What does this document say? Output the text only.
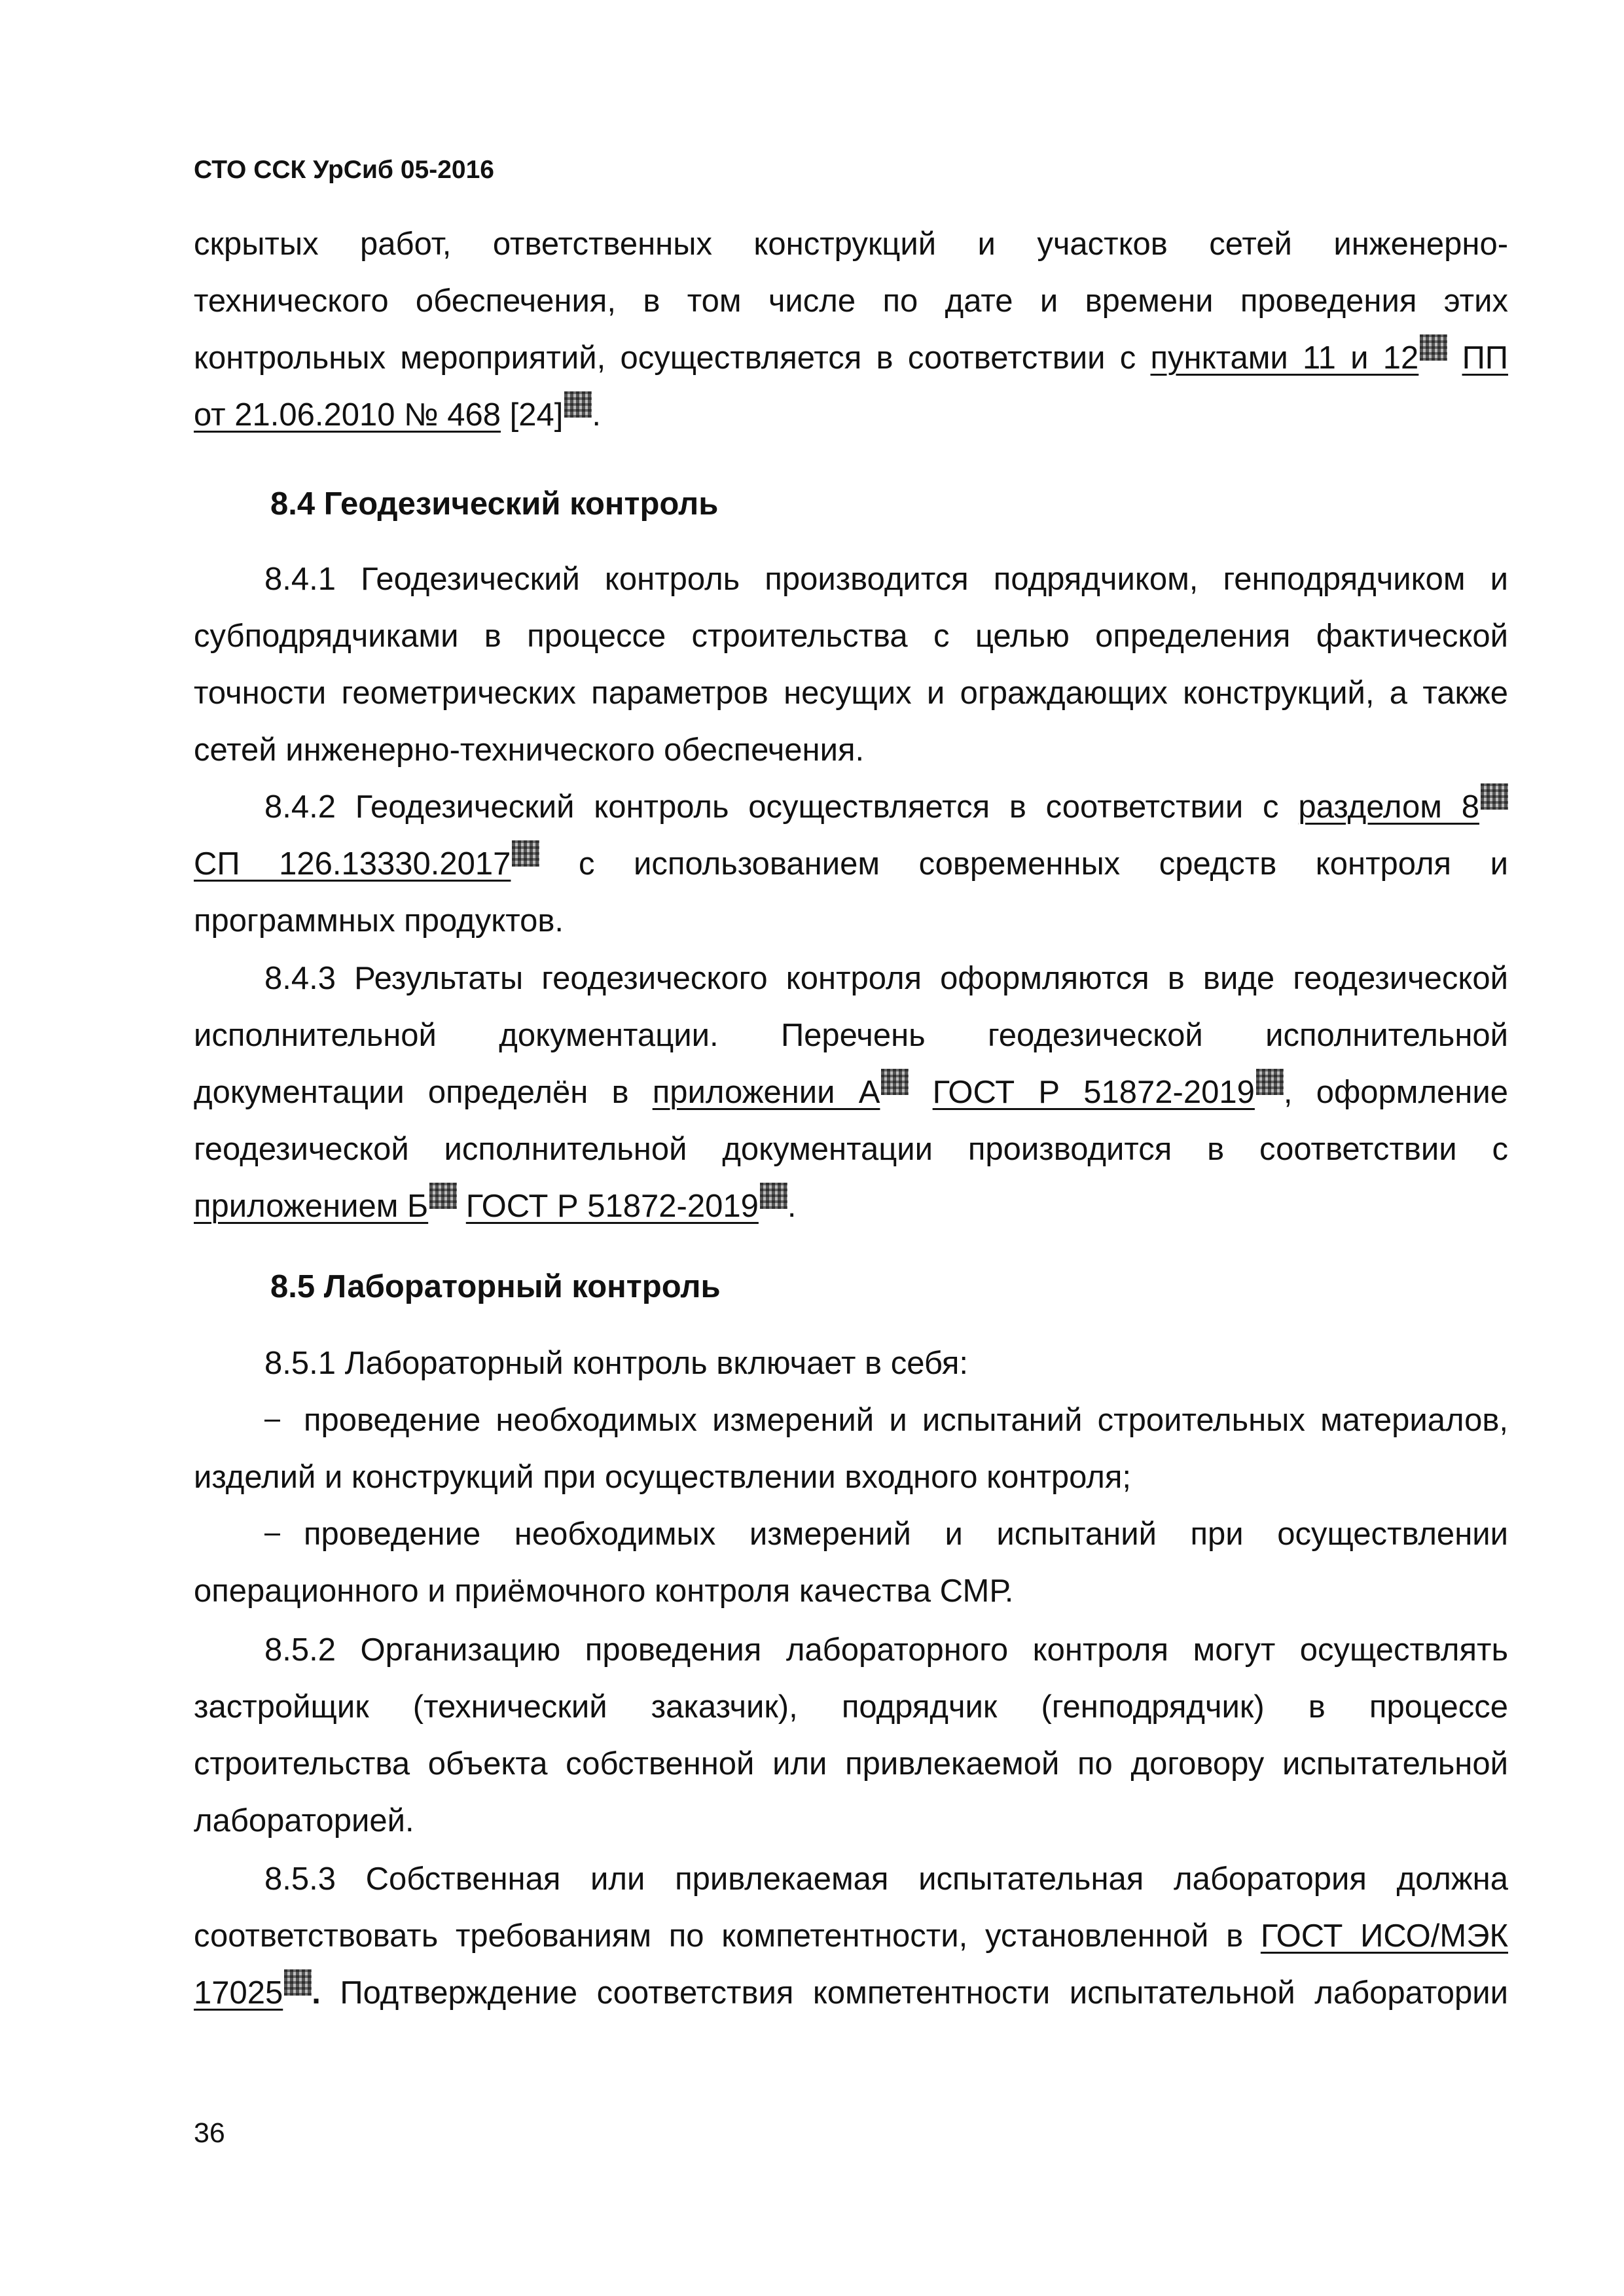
СТО ССК УрСиб 05-2016
скрытых работ, ответственных конструкций и участков сетей инженерно-
технического обеспечения, в том числе по дате и времени проведения этих
контрольных мероприятий, осуществляется в соответствии с пунктами 11 и 12 ПП
от 21.06.2010 № 468 [24] .
8.4 Геодезический контроль
8.4.1 Геодезический контроль производится подрядчиком, генподрядчиком и
субподрядчиками в процессе строительства с целью определения фактической
точности геометрических параметров несущих и ограждающих конструкций, а также
сетей инженерно-технического обеспечения.
8.4.2 Геодезический контроль осуществляется в соответствии с разделом 8
СП 126.13330.2017 с использованием современных средств контроля и
программных продуктов.
8.4.3 Результаты геодезического контроля оформляются в виде геодезической
исполнительной документации. Перечень геодезической исполнительной
документации определён в приложении А ГОСТ Р 51872-2019 , оформление
геодезической исполнительной документации производится в соответствии с
приложением Б ГОСТ Р 51872-2019 .
8.5 Лабораторный контроль
8.5.1 Лабораторный контроль включает в себя:
проведение необходимых измерений и испытаний строительных материалов,
изделий и конструкций при осуществлении входного контроля;
проведение необходимых измерений и испытаний при осуществлении
операционного и приёмочного контроля качества СМР.
8.5.2 Организацию проведения лабораторного контроля могут осуществлять
застройщик (технический заказчик), подрядчик (генподрядчик) в процессе
строительства объекта собственной или привлекаемой по договору испытательной
лабораторией.
8.5.3 Собственная или привлекаемая испытательная лаборатория должна
соответствовать требованиям по компетентности, установленной в ГОСТ ИСО/МЭК
17025 . Подтверждение соответствия компетентности испытательной лаборатории
36
